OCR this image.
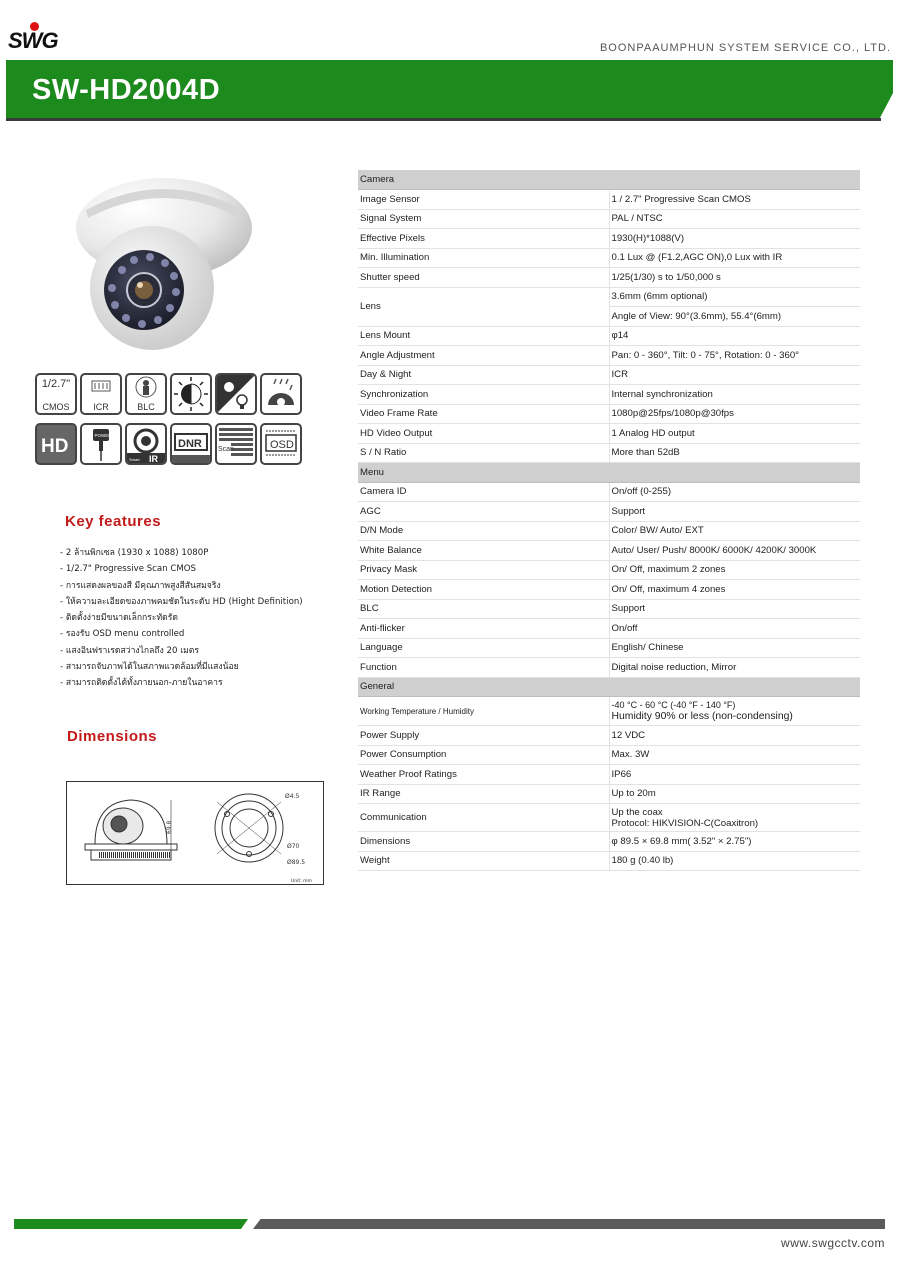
SWG	BOONPAAUMPHUN SYSTEM SERVICE CO., LTD.
SW-HD2004D
1/2.7"
CMOS	ICR	BLC
HD
POWER
Smart IR
DNR Scan	OSD
Key features
- 2 ล้านพิกเซล (1930 x 1088) 1080P
- 1/2.7" Progressive Scan CMOS
- การแสดงผลของสี มีคุณภาพสูงสีสันสมจริง
- ให้ความละเอียดของภาพคมชัดในระดับ HD (Hight Definition)
- ติดตั้งง่ายมีขนาดเล็กกระทัดรัด
- รองรับ OSD menu controlled
- แสงอินฟราเรดสว่างไกลถึง 20 เมตร
- สามารถจับภาพได้ในสภาพแวดล้อมที่มีแสงน้อย
- สามารถติดตั้งได้ทั้งภายนอก-ภายในอาคาร
Dimensions
69.8
Ø4.5
Ø70
Ø89.5
Unit: mm
Camera	
Image Sensor	1 / 2.7" Progressive Scan CMOS
Signal System	PAL / NTSC
Effective Pixels	1930(H)*1088(V)
Min. Illumination	0.1 Lux @ (F1.2,AGC ON),0 Lux with IR
Shutter speed	1/25(1/30) s to 1/50,000 s
Lens	3.6mm (6mm optional)
	Angle of View: 90°(3.6mm), 55.4°(6mm)
Lens Mount	φ14
Angle Adjustment	Pan: 0 - 360°, Tilt: 0 - 75°, Rotation: 0 - 360°
Day & Night	ICR
Synchronization	Internal synchronization
Video Frame Rate	1080p@25fps/1080p@30fps
HD Video Output	1 Analog HD output
S / N Ratio	More than 52dB
Menu	
Camera ID	On/off (0-255)
AGC	Support
D/N Mode	Color/ BW/ Auto/ EXT
White Balance	Auto/ User/ Push/ 8000K/ 6000K/ 4200K/ 3000K
Privacy Mask	On/ Off, maximum 2 zones
Motion Detection	On/ Off, maximum 4 zones
BLC	Support
Anti-flicker	On/off
Language	English/ Chinese
Function	Digital noise reduction, Mirror
General	
Working Temperature / Humidity	-40 °C - 60 °C (-40 °F - 140 °F)
Humidity 90% or less (non-condensing)

Power Supply	12 VDC
Power Consumption	Max. 3W
Weather Proof Ratings	IP66
IR Range	Up to 20m
Communication	Up the coax
Protocol: HIKVISION-C(Coaxitron)

Dimensions	φ 89.5 × 69.8 mm( 3.52" × 2.75")
Weight	180 g (0.40 lb)
www.swgcctv.com
